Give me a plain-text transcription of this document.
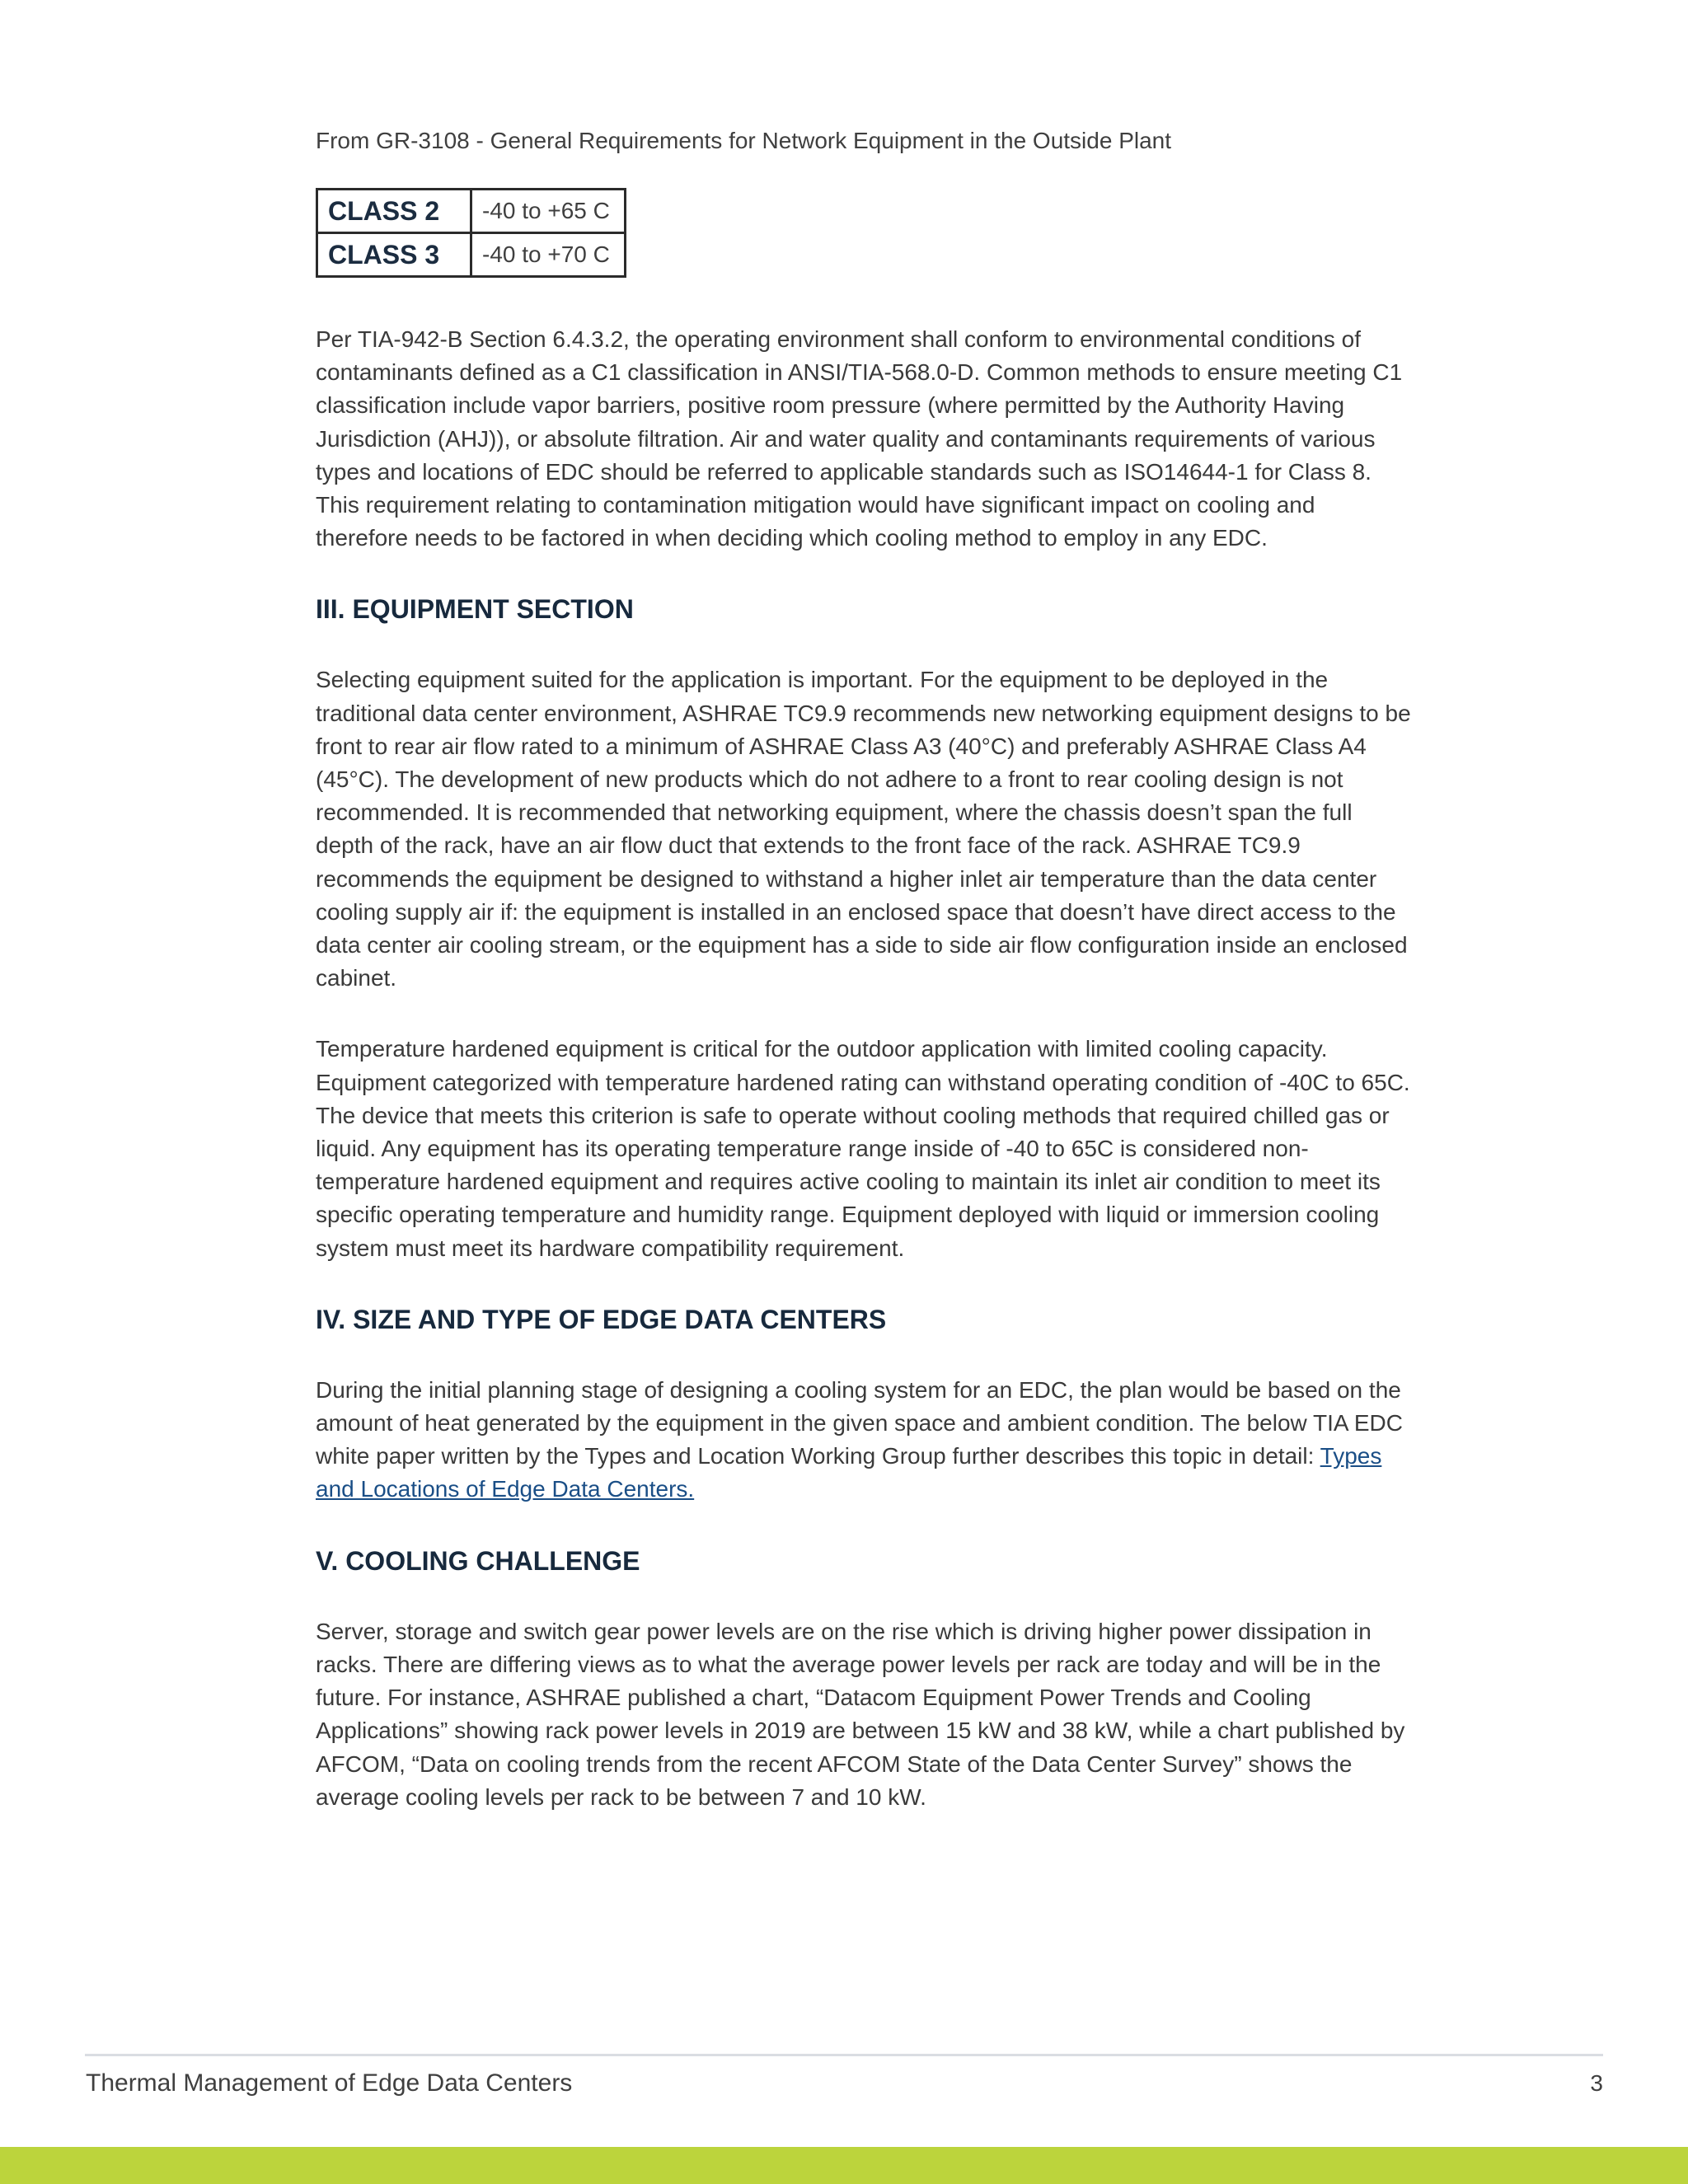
From GR-3108 - General Requirements for Network Equipment in the Outside Plant
CLASS 2	-40 to +65 C
CLASS 3	-40 to +70 C

Per TIA-942-B Section 6.4.3.2, the operating environment shall conform to environmental conditions of contaminants defined as a C1 classification in ANSI/TIA-568.0-D. Common methods to ensure meeting C1 classification include vapor barriers, positive room pressure (where permitted by the Authority Having Jurisdiction (AHJ)), or absolute filtration. Air and water quality and contaminants requirements of various types and locations of EDC should be referred to applicable standards such as ISO14644-1 for Class 8. This requirement relating to contamination mitigation would have significant impact on cooling and therefore needs to be factored in when deciding which cooling method to employ in any EDC.

III. EQUIPMENT SECTION

Selecting equipment suited for the application is important. For the equipment to be deployed in the traditional data center environment, ASHRAE TC9.9 recommends new networking equipment designs to be front to rear air flow rated to a minimum of ASHRAE Class A3 (40°C) and preferably ASHRAE Class A4 (45°C). The development of new products which do not adhere to a front to rear cooling design is not recommended. It is recommended that networking equipment, where the chassis doesn’t span the full depth of the rack, have an air flow duct that extends to the front face of the rack. ASHRAE TC9.9 recommends the equipment be designed to withstand a higher inlet air temperature than the data center cooling supply air if: the equipment is installed in an enclosed space that doesn’t have direct access to the data center air cooling stream, or the equipment has a side to side air flow configuration inside an enclosed cabinet.

Temperature hardened equipment is critical for the outdoor application with limited cooling capacity. Equipment categorized with temperature hardened rating can withstand operating condition of -40C to 65C. The device that meets this criterion is safe to operate without cooling methods that required chilled gas or liquid. Any equipment has its operating temperature range inside of -40 to 65C is considered non-temperature hardened equipment and requires active cooling to maintain its inlet air condition to meet its specific operating temperature and humidity range. Equipment deployed with liquid or immersion cooling system must meet its hardware compatibility requirement.

IV. SIZE AND TYPE OF EDGE DATA CENTERS

During the initial planning stage of designing a cooling system for an EDC, the plan would be based on the amount of heat generated by the equipment in the given space and ambient condition. The below TIA EDC white paper written by the Types and Location Working Group further describes this topic in detail: Types and Locations of Edge Data Centers.

V. COOLING CHALLENGE

Server, storage and switch gear power levels are on the rise which is driving higher power dissipation in racks. There are differing views as to what the average power levels per rack are today and will be in the future. For instance, ASHRAE published a chart, “Datacom Equipment Power Trends and Cooling Applications” showing rack power levels in 2019 are between 15 kW and 38 kW, while a chart published by AFCOM, “Data on cooling trends from the recent AFCOM State of the Data Center Survey” shows the average cooling levels per rack to be between 7 and 10 kW.

Thermal Management of Edge Data Centers	3
